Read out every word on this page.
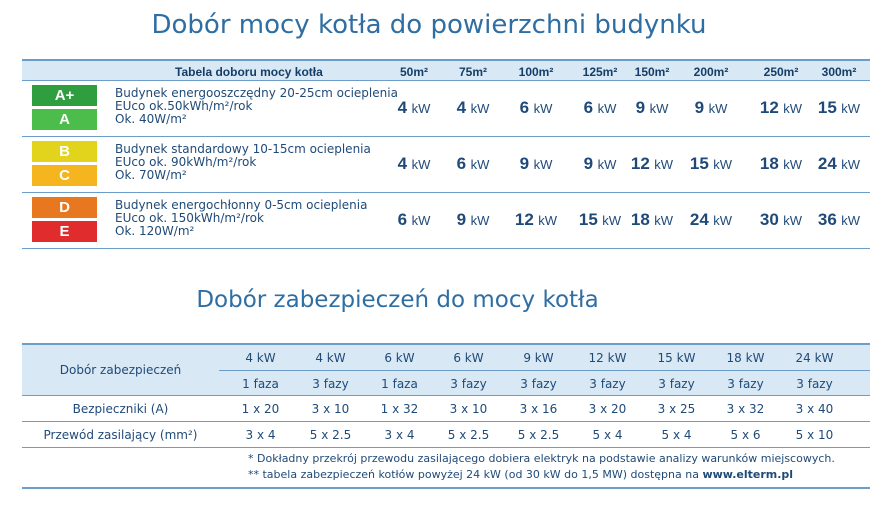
Dobór mocy kotła do powierzchni budynku
Tabela doboru mocy kotła	50m²	75m²	100m²	125m²	150m²	200m²	250m²	300m²
A+
A
Budynek energooszczędny 20-25cm ocieplenia
EUco ok.50kWh/m²/rok
Ok. 40W/m²
4 kW	4 kW	6 kW	6 kW	9 kW	9 kW	12 kW 15 kW
B
C
Budynek standardowy 10-15cm ocieplenia
EUco ok. 90kWh/m²/rok
Ok. 70W/m²
4 kW	6 kW	9 kW	9 kW 12 kW 15 kW	18 kW 24 kW
D
E
Budynek energochłonny 0-5cm ocieplenia
EUco ok. 150kWh/m²/rok
Ok. 120W/m²
6 kW	9 kW	12 kW	15 kW 18 kW 24 kW	30 kW 36 kW
Dobór zabezpieczeń do mocy kotła
Dobór zabezpieczeń
4 kW	4 kW	6 kW	6 kW	9 kW	12 kW	15 kW	18 kW	24 kW
1 faza	3 fazy	1 faza	3 fazy	3 fazy	3 fazy	3 fazy	3 fazy	3 fazy
Bezpieczniki (A)	1 x 20	3 x 10	1 x 32	3 x 10	3 x 16	3 x 20	3 x 25	3 x 32	3 x 40
Przewód zasilający (mm²)	3 x 4	5 x 2.5	3 x 4	5 x 2.5	5 x 2.5	5 x 4	5 x 4	5 x 6	5 x 10
* Dokładny przekrój przewodu zasilającego dobiera elektryk na podstawie analizy warunków miejscowych.
** tabela zabezpieczeń kotłów powyżej 24 kW (od 30 kW do 1,5 MW) dostępna na www.elterm.pl
